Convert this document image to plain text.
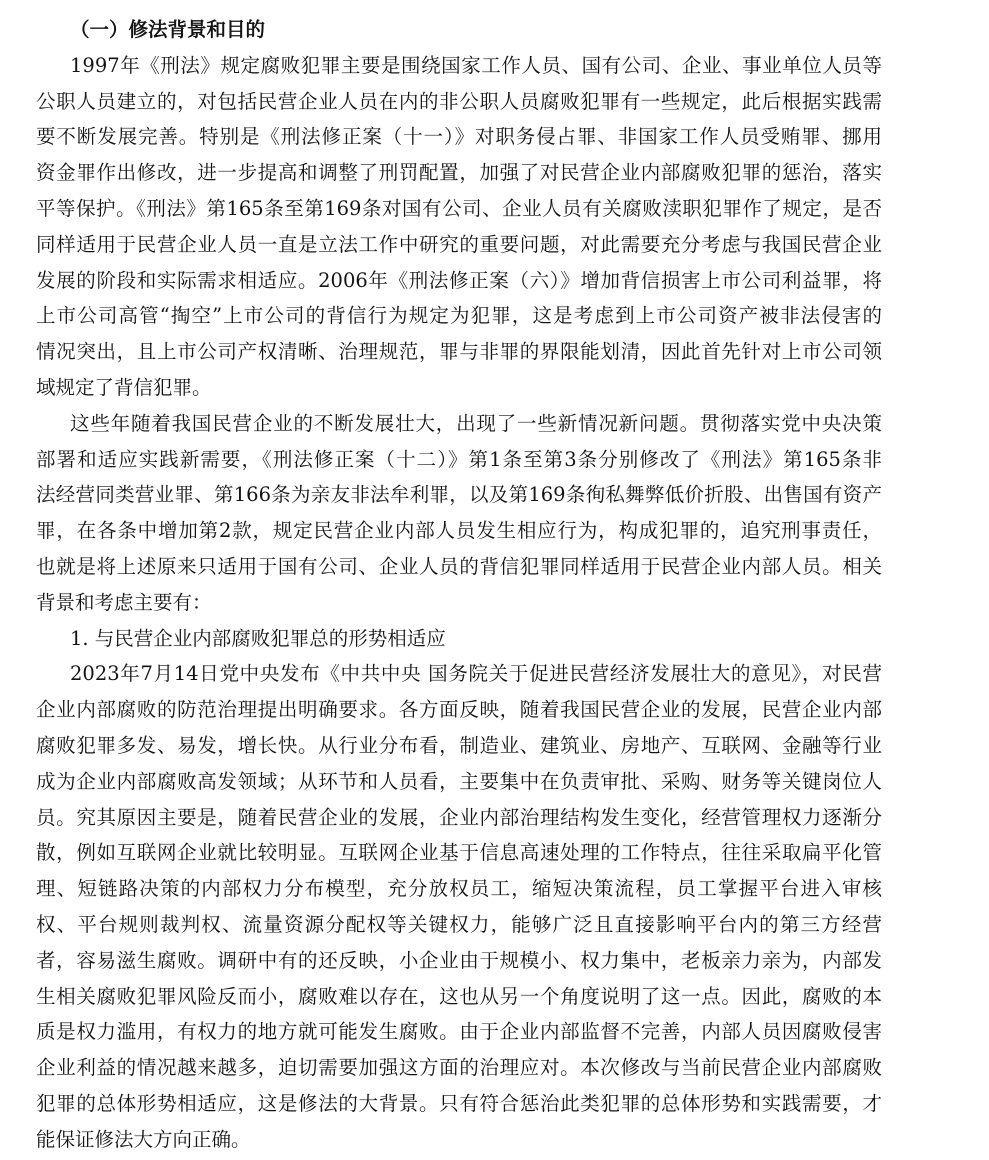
（一）修法背景和目的
1997年《刑法》规定腐败犯罪主要是围绕国家工作人员、国有公司、企业、事业单位人员等
公职人员建立的，对包括民营企业人员在内的非公职人员腐败犯罪有一些规定，此后根据实践需
要不断发展完善。特别是《刑法修正案（十一）》对职务侵占罪、非国家工作人员受贿罪、挪用
资金罪作出修改，进一步提高和调整了刑罚配置，加强了对民营企业内部腐败犯罪的惩治，落实
平等保护。《刑法》第165条至第169条对国有公司、企业人员有关腐败渎职犯罪作了规定，是否
同样适用于民营企业人员一直是立法工作中研究的重要问题，对此需要充分考虑与我国民营企业
发展的阶段和实际需求相适应。2006年《刑法修正案（六）》增加背信损害上市公司利益罪，将
上市公司高管“掏空”上市公司的背信行为规定为犯罪，这是考虑到上市公司资产被非法侵害的
情况突出，且上市公司产权清晰、治理规范，罪与非罪的界限能划清，因此首先针对上市公司领
域规定了背信犯罪。
这些年随着我国民营企业的不断发展壮大，出现了一些新情况新问题。贯彻落实党中央决策
部署和适应实践新需要，《刑法修正案（十二）》第1条至第3条分别修改了《刑法》第165条非
法经营同类营业罪、第166条为亲友非法牟利罪，以及第169条徇私舞弊低价折股、出售国有资产
罪，在各条中增加第2款，规定民营企业内部人员发生相应行为，构成犯罪的，追究刑事责任，
也就是将上述原来只适用于国有公司、企业人员的背信犯罪同样适用于民营企业内部人员。相关
背景和考虑主要有：
1. 与民营企业内部腐败犯罪总的形势相适应
2023年7月14日党中央发布《中共中央 国务院关于促进民营经济发展壮大的意见》，对民营
企业内部腐败的防范治理提出明确要求。各方面反映，随着我国民营企业的发展，民营企业内部
腐败犯罪多发、易发，增长快。从行业分布看，制造业、建筑业、房地产、互联网、金融等行业
成为企业内部腐败高发领域；从环节和人员看，主要集中在负责审批、采购、财务等关键岗位人
员。究其原因主要是，随着民营企业的发展，企业内部治理结构发生变化，经营管理权力逐渐分
散，例如互联网企业就比较明显。互联网企业基于信息高速处理的工作特点，往往采取扁平化管
理、短链路决策的内部权力分布模型，充分放权员工，缩短决策流程，员工掌握平台进入审核
权、平台规则裁判权、流量资源分配权等关键权力，能够广泛且直接影响平台内的第三方经营
者，容易滋生腐败。调研中有的还反映，小企业由于规模小、权力集中，老板亲力亲为，内部发
生相关腐败犯罪风险反而小，腐败难以存在，这也从另一个角度说明了这一点。因此，腐败的本
质是权力滥用，有权力的地方就可能发生腐败。由于企业内部监督不完善，内部人员因腐败侵害
企业利益的情况越来越多，迫切需要加强这方面的治理应对。本次修改与当前民营企业内部腐败
犯罪的总体形势相适应，这是修法的大背景。只有符合惩治此类犯罪的总体形势和实践需要，才
能保证修法大方向正确。
